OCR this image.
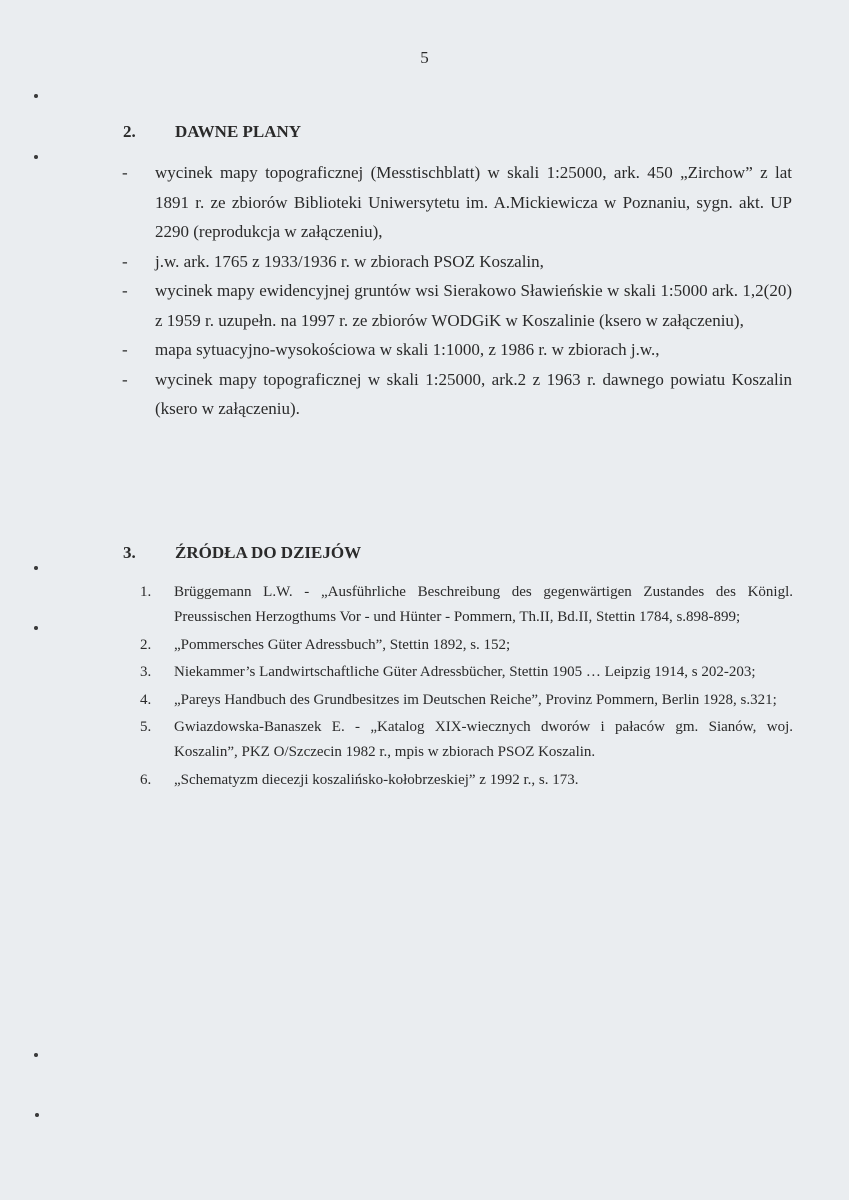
5
2. DAWNE PLANY
- wycinek mapy topograficznej (Messtischblatt) w skali 1:25000, ark. 450 „Zirchow” z lat 1891 r. ze zbiorów Biblioteki Uniwersytetu im. A.Mickiewicza w Poznaniu, sygn. akt. UP 2290 (reprodukcja w załączeniu),
- j.w. ark. 1765 z 1933/1936 r. w zbiorach PSOZ Koszalin,
- wycinek mapy ewidencyjnej gruntów wsi Sierakowo Sławieńskie w skali 1:5000 ark. 1,2(20) z 1959 r. uzupełn. na 1997 r. ze zbiorów WODGiK w Koszalinie (ksero w załączeniu),
- mapa sytuacyjno-wysokościowa w skali 1:1000, z 1986 r. w zbiorach j.w.,
- wycinek mapy topograficznej w skali 1:25000, ark.2 z 1963 r. dawnego powiatu Koszalin (ksero w załączeniu).
3. ŹRÓDŁA DO DZIEJÓW
1. Brüggemann L.W. - „Ausführliche Beschreibung des gegenwärtigen Zustandes des Königl. Preussischen Herzogthums Vor - und Hünter - Pommern, Th.II, Bd.II, Stettin 1784, s.898-899;
2. „Pommersches Güter Adressbuch”, Stettin 1892, s. 152;
3. Niekammer’s Landwirtschaftliche Güter Adressbücher, Stettin 1905 … Leipzig 1914, s 202-203;
4. „Pareys Handbuch des Grundbesitzes im Deutschen Reiche”, Provinz Pommern, Berlin 1928, s.321;
5. Gwiazdowska-Banaszek E. - „Katalog XIX-wiecznych dworów i pałaców gm. Sianów, woj. Koszalin”, PKZ O/Szczecin 1982 r., mpis w zbiorach PSOZ Koszalin.
6. „Schematyzm diecezji koszalińsko-kołobrzeskiej” z 1992 r., s. 173.
